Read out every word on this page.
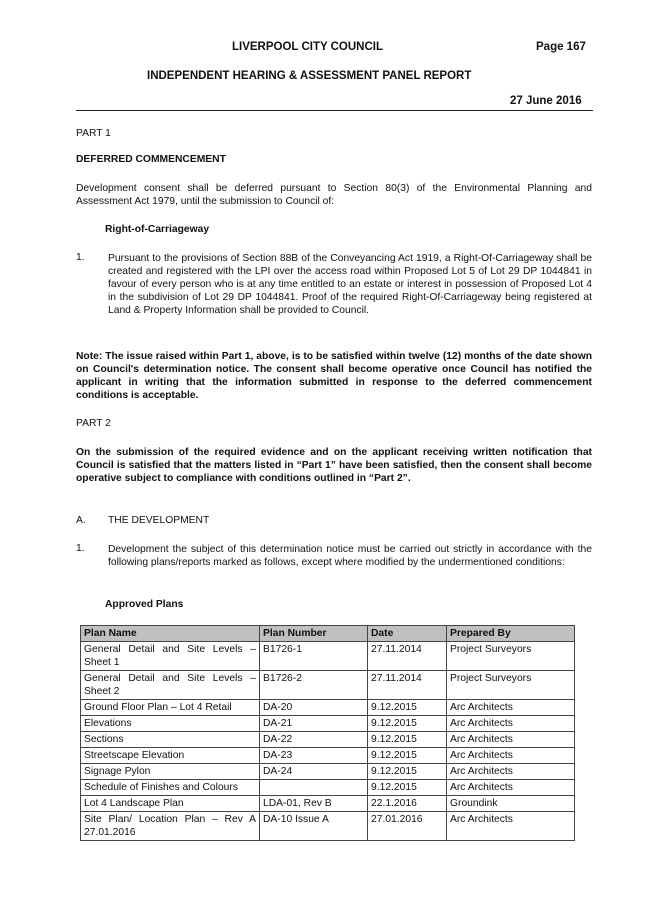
LIVERPOOL CITY COUNCIL	Page 167
INDEPENDENT HEARING & ASSESSMENT PANEL REPORT
27 June 2016
PART 1
DEFERRED COMMENCEMENT

Development consent shall be deferred pursuant to Section 80(3) of the Environmental Planning and Assessment Act 1979, until the submission to Council of:

Right-of-Carriageway
1. Pursuant to the provisions of Section 88B of the Conveyancing Act 1919, a Right-Of-Carriageway shall be created and registered with the LPI over the access road within Proposed Lot 5 of Lot 29 DP 1044841 in favour of every person who is at any time entitled to an estate or interest in possession of Proposed Lot 4 in the subdivision of Lot 29 DP 1044841. Proof of the required Right-Of-Carriageway being registered at Land & Property Information shall be provided to Council.

Note: The issue raised within Part 1, above, is to be satisfied within twelve (12) months of the date shown on Council's determination notice. The consent shall become operative once Council has notified the applicant in writing that the information submitted in response to the deferred commencement conditions is acceptable.

PART 2

On the submission of the required evidence and on the applicant receiving written notification that Council is satisfied that the matters listed in “Part 1” have been satisfied, then the consent shall become operative subject to compliance with conditions outlined in “Part 2”.

A. THE DEVELOPMENT
1. Development the subject of this determination notice must be carried out strictly in accordance with the following plans/reports marked as follows, except where modified by the undermentioned conditions:

Approved Plans
Plan Name	Plan Number	Date	Prepared By
General Detail and Site Levels – Sheet 1	B1726-1	27.11.2014	Project Surveyors
General Detail and Site Levels – Sheet 2	B1726-2	27.11.2014	Project Surveyors
Ground Floor Plan – Lot 4 Retail	DA-20	9.12.2015	Arc Architects
Elevations	DA-21	9.12.2015	Arc Architects
Sections	DA-22	9.12.2015	Arc Architects
Streetscape Elevation	DA-23	9.12.2015	Arc Architects
Signage Pylon	DA-24	9.12.2015	Arc Architects
Schedule of Finishes and Colours		9.12.2015	Arc Architects
Lot 4 Landscape Plan	LDA-01, Rev B	22.1.2016	Groundink
Site Plan/ Location Plan – Rev A 27.01.2016	DA-10 Issue A	27.01.2016	Arc Architects
